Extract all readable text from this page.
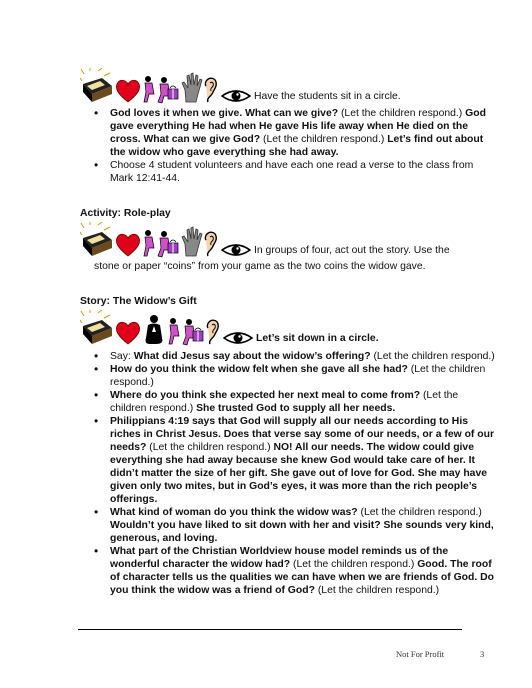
Have the students sit in a circle.
• God loves it when we give. What can we give? (Let the children respond.) God gave everything He had when He gave His life away when He died on the cross. What can we give God? (Let the children respond.) Let’s find out about the widow who gave everything she had away.
• Choose 4 student volunteers and have each one read a verse to the class from Mark 12:41-44.
Activity: Role-play
In groups of four, act out the story. Use the
stone or paper “coins” from your game as the two coins the widow gave.
Story: The Widow’s Gift
Let’s sit down in a circle.
• Say: What did Jesus say about the widow’s offering? (Let the children respond.)
• How do you think the widow felt when she gave all she had? (Let the children respond.)
• Where do you think she expected her next meal to come from? (Let the children respond.) She trusted God to supply all her needs.
• Philippians 4:19 says that God will supply all our needs according to His riches in Christ Jesus. Does that verse say some of our needs, or a few of our needs? (Let the children respond.) NO! All our needs. The widow could give everything she had away because she knew God would take care of her. It didn’t matter the size of her gift. She gave out of love for God. She may have given only two mites, but in God’s eyes, it was more than the rich people’s offerings.
• What kind of woman do you think the widow was? (Let the children respond.) Wouldn’t you have liked to sit down with her and visit? She sounds very kind, generous, and loving.
• What part of the Christian Worldview house model reminds us of the wonderful character the widow had? (Let the children respond.) Good. The roof of character tells us the qualities we can have when we are friends of God. Do you think the widow was a friend of God? (Let the children respond.)
Not For Profit	3
